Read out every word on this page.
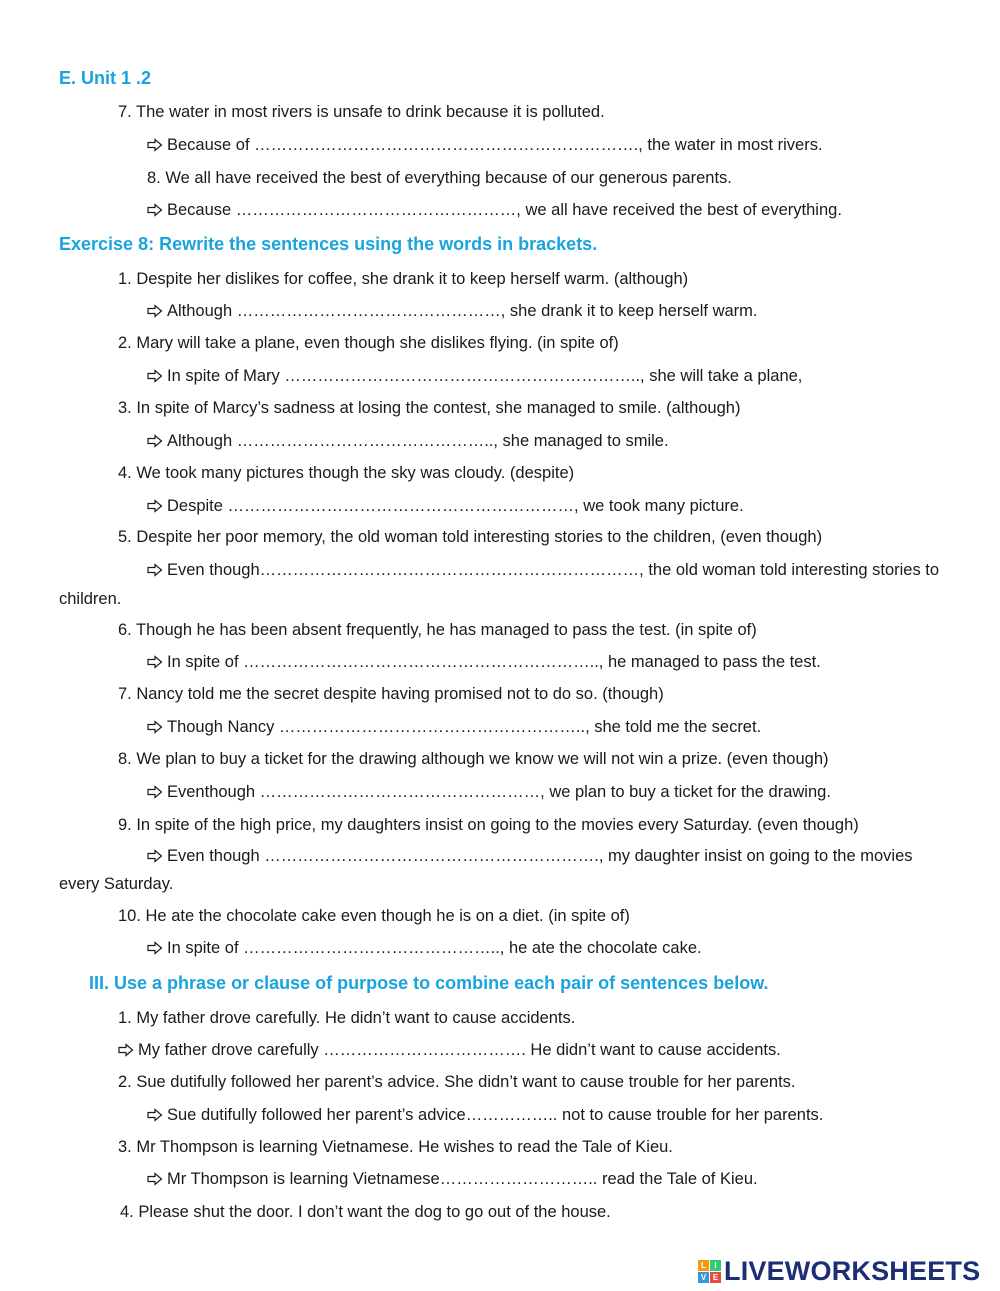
E. Unit 1 .2
7. The water in most rivers is unsafe to drink because it is polluted.
Because of ……………………………………………………………., the water in most rivers.
8. We all have received the best of everything because of our generous parents.
Because ……………………………………………, we all have received the best of everything.
Exercise 8: Rewrite the sentences using the words in brackets.
1. Despite her dislikes for coffee, she drank it to keep herself warm. (although)
Although …………………………………………, she drank it to keep herself warm.
2. Mary will take a plane, even though she dislikes flying. (in spite of)
In spite of Mary ……………………………………………………….., she will take a plane,
3. In spite of Marcy’s sadness at losing the contest, she managed to smile. (although)
Although ……………………………………….., she managed to smile.
4. We took many pictures though the sky was cloudy. (despite)
Despite ………………………………………………………, we took many picture.
5. Despite her poor memory, the old woman told interesting stories to the children, (even though)
Even though……………………………………………………………, the old woman told interesting stories to
children.
6. Though he has been absent frequently, he has managed to pass the test. (in spite of)
In spite of ……………………………………………………….., he managed to pass the test.
7. Nancy told me the secret despite having promised not to do so. (though)
Though Nancy ……………………………………………….., she told me the secret.
8. We plan to buy a ticket for the drawing although we know we will not win a prize. (even though)
Eventhough ……………………………………………, we plan to buy a ticket for the drawing.
9. In spite of the high price, my daughters insist on going to the movies every Saturday. (even though)
Even though ……………………………………………………., my daughter insist on going to the movies
every Saturday.
10. He ate the chocolate cake even though he is on a diet. (in spite of)
In spite of ……………………………………….., he ate the chocolate cake.
III. Use a phrase or clause of purpose to combine each pair of sentences below.
1. My father drove carefully. He didn’t want to cause accidents.
My father drove carefully ………………………………. He didn’t want to cause accidents.
2. Sue dutifully followed her parent’s advice. She didn’t want to cause trouble for her parents.
Sue dutifully followed her parent’s advice…………….. not to cause trouble for her parents.
3. Mr Thompson is learning Vietnamese. He wishes to read the Tale of Kieu.
Mr Thompson is learning Vietnamese……………………….. read the Tale of Kieu.
4. Please shut the door. I don’t want the dog to go out of the house.
L	I
V E LIVEWORKSHEETS
